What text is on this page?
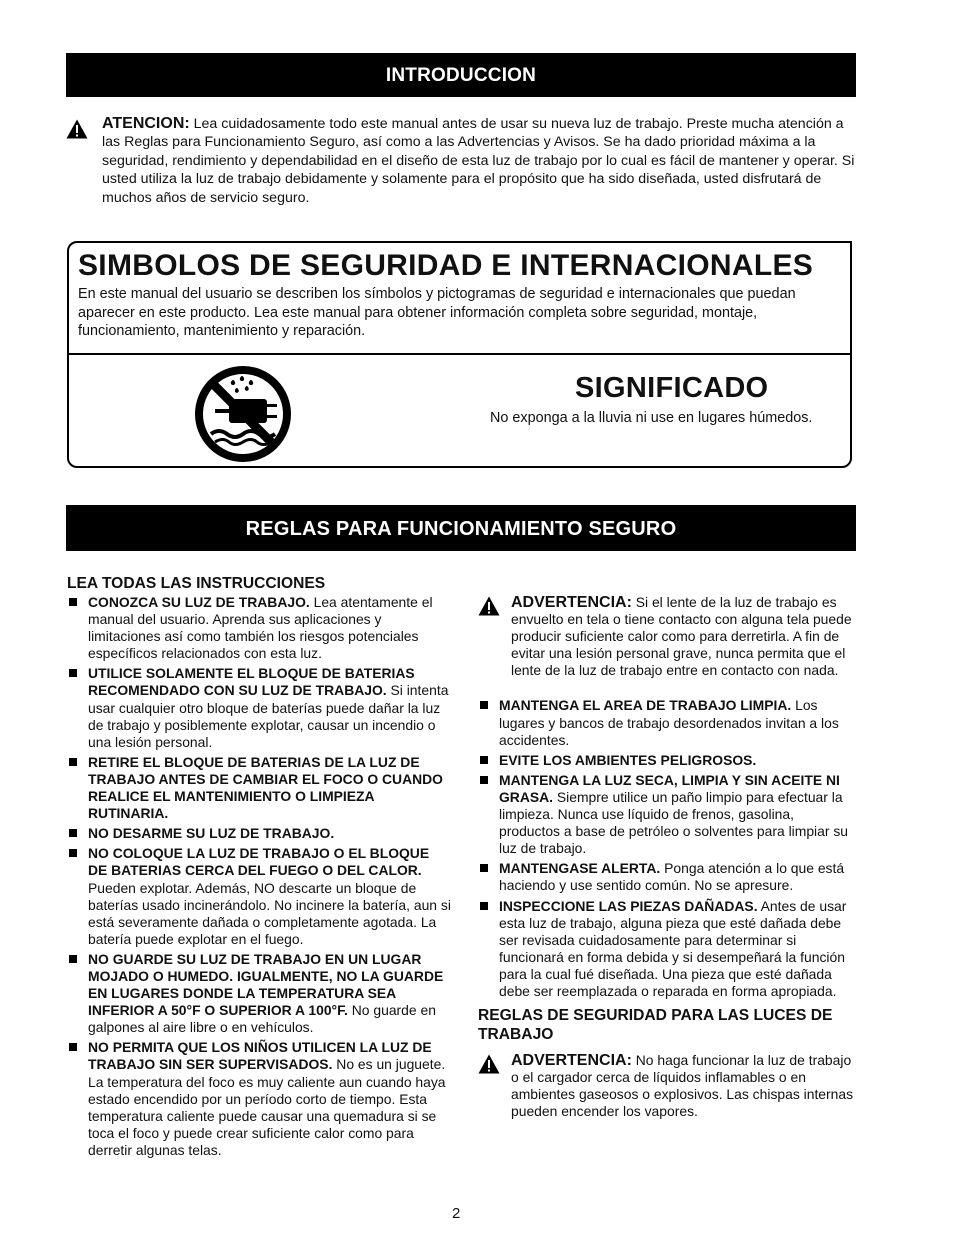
INTRODUCCION
ATENCION: Lea cuidadosamente todo este manual antes de usar su nueva luz de trabajo. Preste mucha atención a las Reglas para Funcionamiento Seguro, así como a las Advertencias y Avisos. Se ha dado prioridad máxima a la seguridad, rendimiento y dependabilidad en el diseño de esta luz de trabajo por lo cual es fácil de mantener y operar. Si usted utiliza la luz de trabajo debidamente y solamente para el propósito que ha sido diseñada, usted disfrutará de muchos años de servicio seguro.
SIMBOLOS DE SEGURIDAD E INTERNACIONALES
En este manual del usuario se describen los símbolos y pictogramas de seguridad e internacionales que puedan aparecer en este producto. Lea este manual para obtener información completa sobre seguridad, montaje, funcionamiento, mantenimiento y reparación.
SIGNIFICADO
No exponga a la lluvia ni use en lugares húmedos.
REGLAS PARA FUNCIONAMIENTO SEGURO
LEA TODAS LAS INSTRUCCIONES
CONOZCA SU LUZ DE TRABAJO. Lea atentamente el manual del usuario. Aprenda sus aplicaciones y limitaciones así como también los riesgos potenciales específicos relacionados con esta luz.
UTILICE SOLAMENTE EL BLOQUE DE BATERIAS RECOMENDADO CON SU LUZ DE TRABAJO. Si intenta usar cualquier otro bloque de baterías puede dañar la luz de trabajo y posiblemente explotar, causar un incendio o una lesión personal.
RETIRE EL BLOQUE DE BATERIAS DE LA LUZ DE TRABAJO ANTES DE CAMBIAR EL FOCO O CUANDO REALICE EL MANTENIMIENTO O LIMPIEZA RUTINARIA.
NO DESARME SU LUZ DE TRABAJO.
NO COLOQUE LA LUZ DE TRABAJO O EL BLOQUE DE BATERIAS CERCA DEL FUEGO O DEL CALOR. Pueden explotar. Además, NO descarte un bloque de baterías usado incinerándolo. No incinere la batería, aun si está severamente dañada o completamente agotada. La batería puede explotar en el fuego.
NO GUARDE SU LUZ DE TRABAJO EN UN LUGAR MOJADO O HUMEDO. IGUALMENTE, NO LA GUARDE EN LUGARES DONDE LA TEMPERATURA SEA INFERIOR A 50°F O SUPERIOR A 100°F. No guarde en galpones al aire libre o en vehículos.
NO PERMITA QUE LOS NIÑOS UTILICEN LA LUZ DE TRABAJO SIN SER SUPERVISADOS. No es un juguete. La temperatura del foco es muy caliente aun cuando haya estado encendido por un período corto de tiempo. Esta temperatura caliente puede causar una quemadura si se toca el foco y puede crear suficiente calor como para derretir algunas telas.
ADVERTENCIA: Si el lente de la luz de trabajo es envuelto en tela o tiene contacto con alguna tela puede producir suficiente calor como para derretirla. A fin de evitar una lesión personal grave, nunca permita que el lente de la luz de trabajo entre en contacto con nada.
MANTENGA EL AREA DE TRABAJO LIMPIA. Los lugares y bancos de trabajo desordenados invitan a los accidentes.
EVITE LOS AMBIENTES PELIGROSOS.
MANTENGA LA LUZ SECA, LIMPIA Y SIN ACEITE NI GRASA. Siempre utilice un paño limpio para efectuar la limpieza. Nunca use líquido de frenos, gasolina, productos a base de petróleo o solventes para limpiar su luz de trabajo.
MANTENGASE ALERTA. Ponga atención a lo que está haciendo y use sentido común. No se apresure.
INSPECCIONE LAS PIEZAS DAÑADAS. Antes de usar esta luz de trabajo, alguna pieza que esté dañada debe ser revisada cuidadosamente para determinar si funcionará en forma debida y si desempeñará la función para la cual fué diseñada. Una pieza que esté dañada debe ser reemplazada o reparada en forma apropiada.
REGLAS DE SEGURIDAD PARA LAS LUCES DE TRABAJO
ADVERTENCIA: No haga funcionar la luz de trabajo o el cargador cerca de líquidos inflamables o en ambientes gaseosos o explosivos. Las chispas internas pueden encender los vapores.
2
